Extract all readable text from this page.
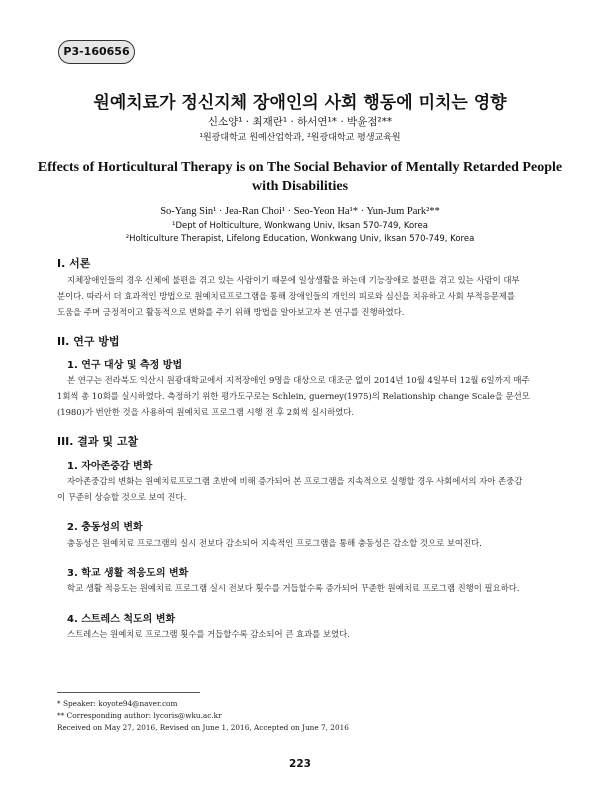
P3-160656
원예치료가 정신지체 장애인의 사회 행동에 미치는 영향
신소양¹ · 최재란¹ · 하서연¹* · 박윤점²**
¹원광대학교 원예산업학과, ²원광대학교 평생교육원
Effects of Horticultural Therapy is on The Social Behavior of Mentally Retarded People
with Disabilities
So-Yang Sin¹ · Jea-Ran Choi¹ · Seo-Yeon Ha¹* · Yun-Jum Park²**
¹Dept of Holticulture, Wonkwang Univ, Iksan 570-749, Korea
²Holticulture Therapist, Lifelong Education, Wonkwang Univ, Iksan 570-749, Korea
I. 서론
지체장애인들의 경우 신체에 불편을 겪고 있는 사람이기 때문에 일상생활을 하는데 기능장애로 불편을 겪고 있는 사람이 대부
분이다. 따라서 더 효과적인 방법으로 원예치료프로그램을 통해 장애인들의 개인의 피로와 심신을 치유하고 사회 부적응문제를
도움을 주며 긍정적이고 활동적으로 변화를 주기 위해 방법을 알아보고자 본 연구를 진행하였다.
II. 연구 방법
1. 연구 대상 및 측정 방법
본 연구는 전라북도 익산시 원광대학교에서 지적장애인 9명을 대상으로 대조군 없이 2014년 10월 4일부터 12월 6일까지 매주
1회씩 총 10회를 실시하였다. 측정하기 위한 평가도구로는 Schlein, guerney(1975)의 Relationship change Scale을 문선모
(1980)가 번안한 것을 사용하여 원예치료 프로그램 시행 전 후 2회씩 실시하였다.
III. 결과 및 고찰
1. 자아존중감 변화
자아존중감의 변화는 원예치료프로그램 초반에 비해 증가되어 본 프로그램을 지속적으로 실행할 경우 사회에서의 자아 존중감
이 꾸준히 상승할 것으로 보여 진다.
2. 충동성의 변화
충동성은 원예치료 프로그램의 실시 전보다 감소되어 지속적인 프로그램을 통해 충동성은 감소할 것으로 보여진다.
3. 학교 생활 적응도의 변화
학교 생활 적응도는 원예치료 프로그램 실시 전보다 횟수를 거듭할수록 증가되어 꾸준한 원예치료 프로그램 진행이 필요하다.
4. 스트레스 척도의 변화
스트레스는 원예치료 프로그램 횟수를 거듭할수록 감소되어 큰 효과를 보였다.
* Speaker: koyote94@naver.com
** Corresponding author: lycoris@wku.ac.kr
Received on May 27, 2016, Revised on June 1, 2016, Accepted on June 7, 2016
223
